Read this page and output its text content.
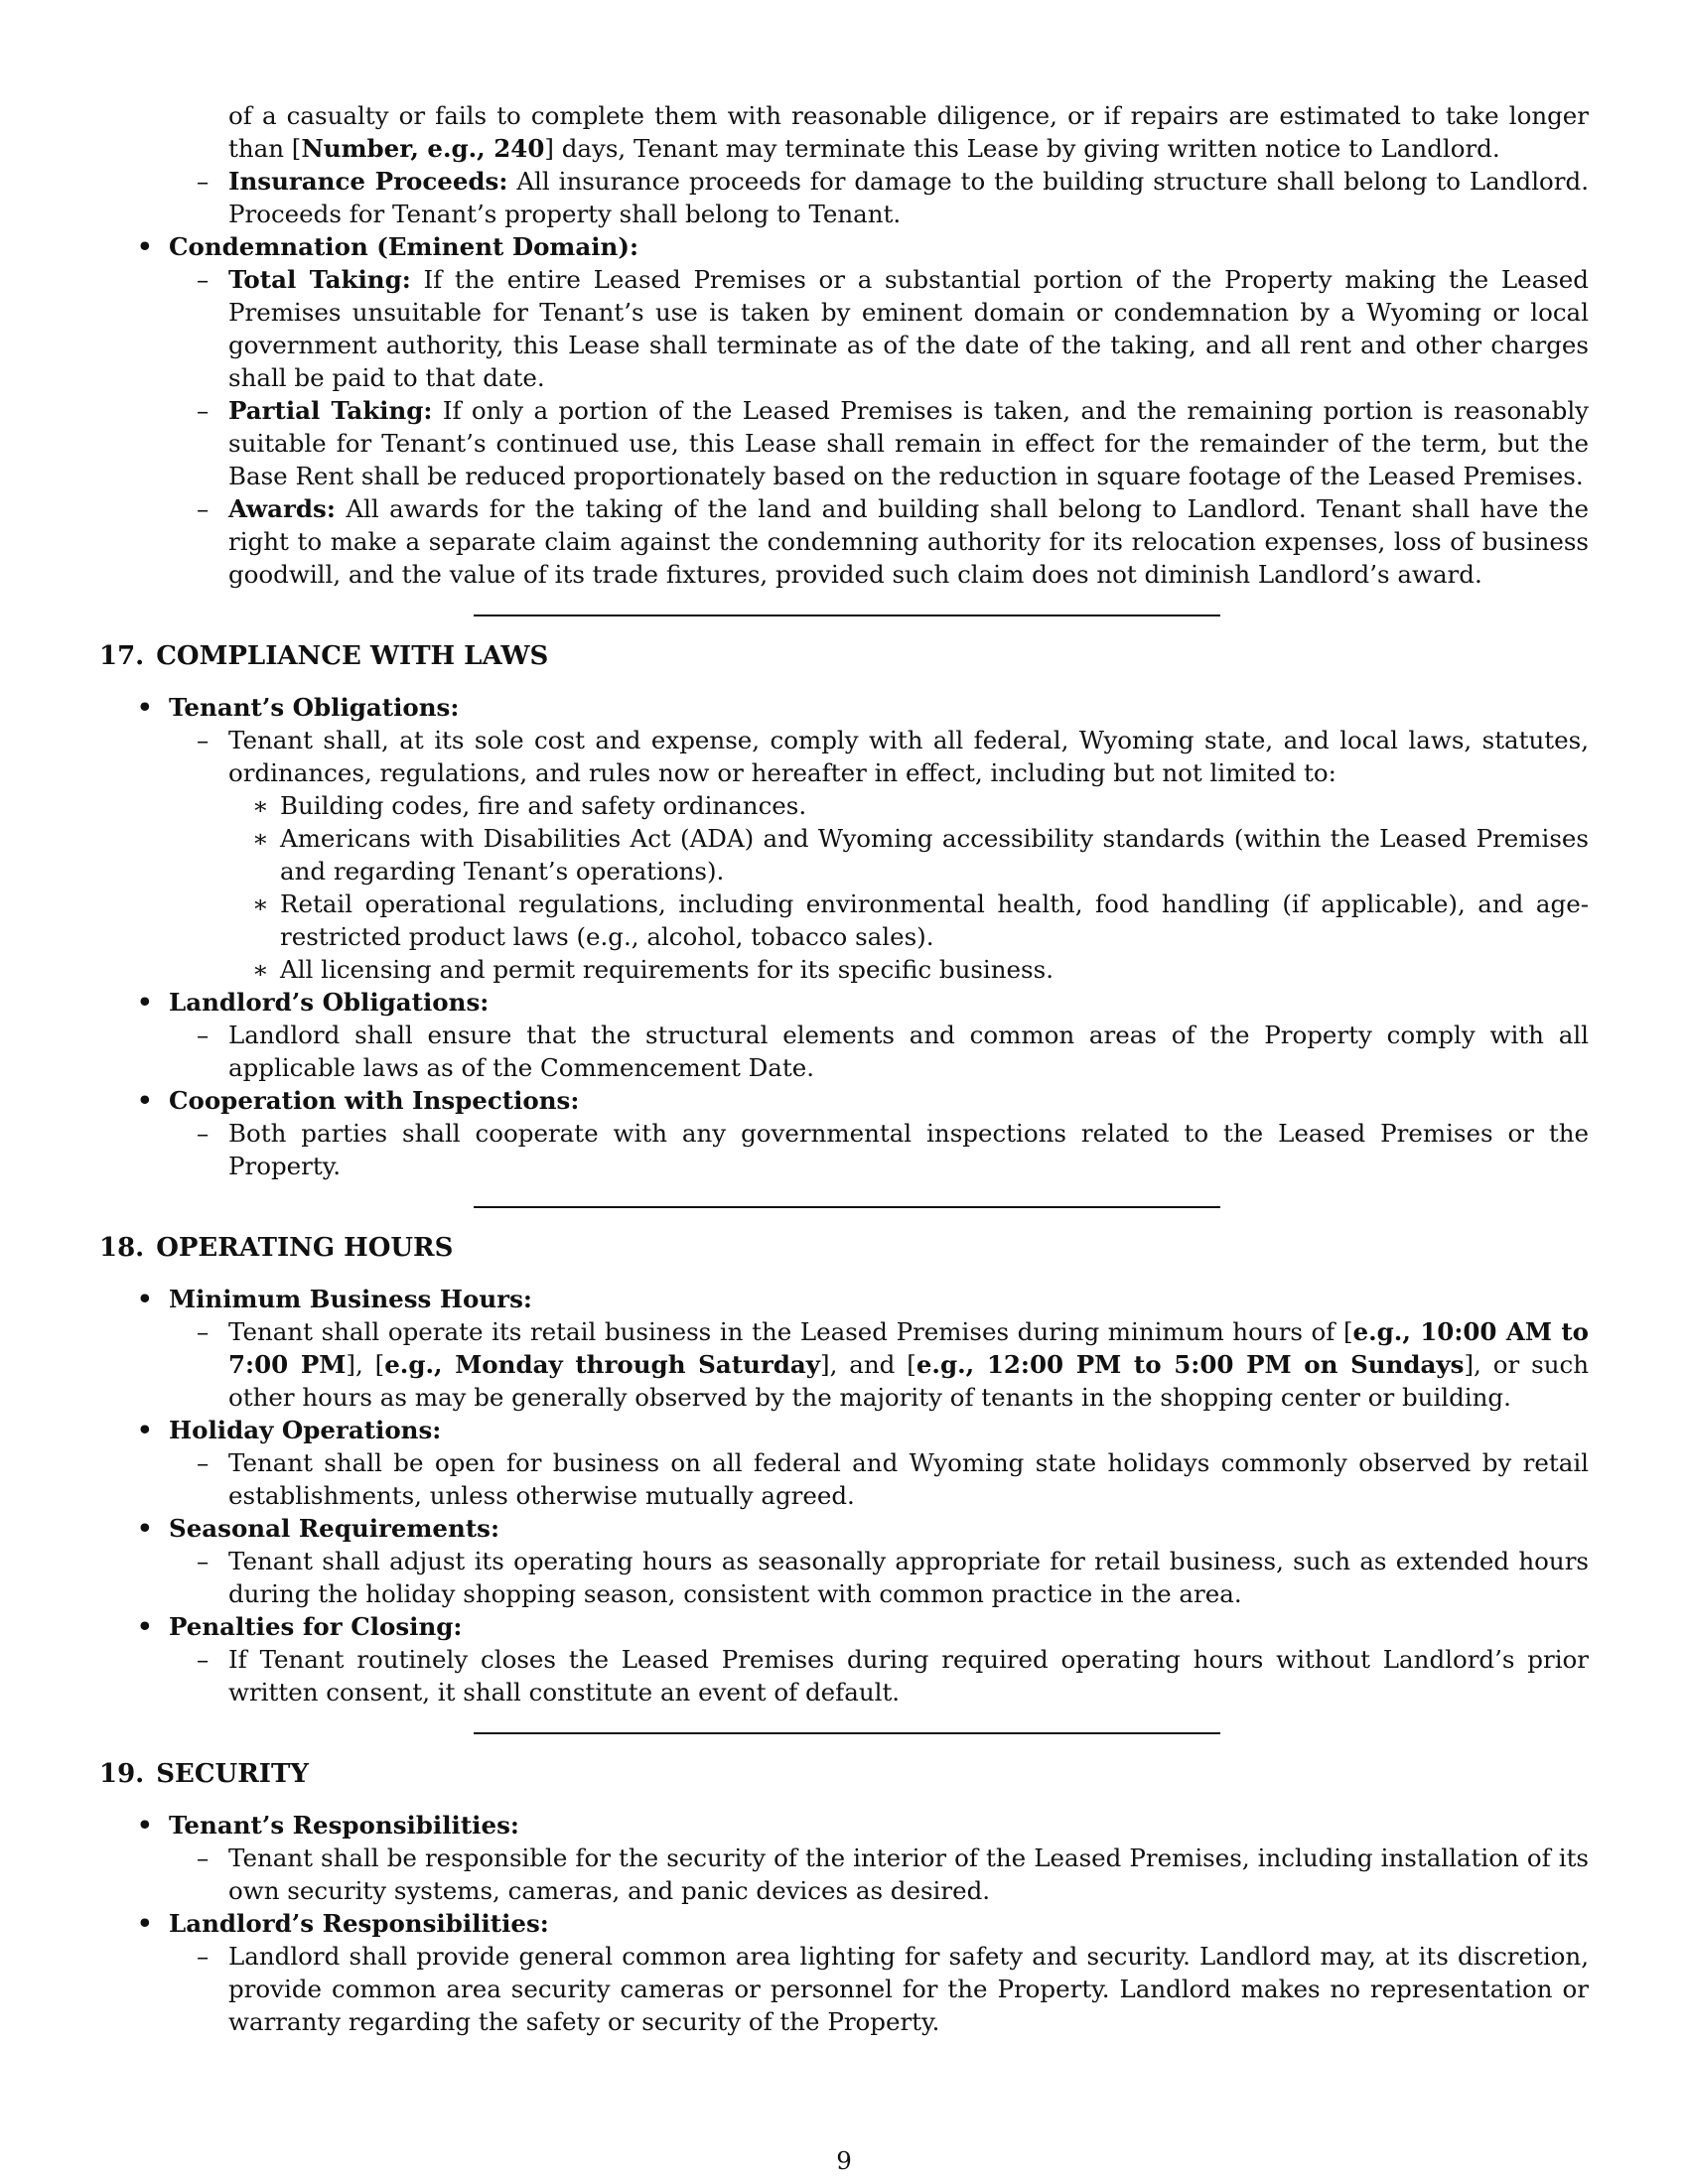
of a casualty or fails to complete them with reasonable diligence, or if repairs are estimated to take longer than [Number, e.g., 240] days, Tenant may terminate this Lease by giving written notice to Landlord.
– Insurance Proceeds: All insurance proceeds for damage to the building structure shall belong to Landlord. Proceeds for Tenant’s property shall belong to Tenant.
• Condemnation (Eminent Domain):
– Total Taking: If the entire Leased Premises or a substantial portion of the Property making the Leased Premises unsuitable for Tenant’s use is taken by eminent domain or condemnation by a Wyoming or local government authority, this Lease shall terminate as of the date of the taking, and all rent and other charges shall be paid to that date.
– Partial Taking: If only a portion of the Leased Premises is taken, and the remaining portion is reasonably suitable for Tenant’s continued use, this Lease shall remain in effect for the remainder of the term, but the Base Rent shall be reduced proportionately based on the reduction in square footage of the Leased Premises.
– Awards: All awards for the taking of the land and building shall belong to Landlord. Tenant shall have the right to make a separate claim against the condemning authority for its relocation expenses, loss of business goodwill, and the value of its trade fixtures, provided such claim does not diminish Landlord’s award.
17. COMPLIANCE WITH LAWS
• Tenant’s Obligations:
– Tenant shall, at its sole cost and expense, comply with all federal, Wyoming state, and local laws, statutes, ordinances, regulations, and rules now or hereafter in effect, including but not limited to:
∗ Building codes, fire and safety ordinances.
∗ Americans with Disabilities Act (ADA) and Wyoming accessibility standards (within the Leased Premises and regarding Tenant’s operations).
∗ Retail operational regulations, including environmental health, food handling (if applicable), and age-restricted product laws (e.g., alcohol, tobacco sales).
∗ All licensing and permit requirements for its specific business.
• Landlord’s Obligations:
– Landlord shall ensure that the structural elements and common areas of the Property comply with all applicable laws as of the Commencement Date.
• Cooperation with Inspections:
– Both parties shall cooperate with any governmental inspections related to the Leased Premises or the Property.
18. OPERATING HOURS
• Minimum Business Hours:
– Tenant shall operate its retail business in the Leased Premises during minimum hours of [e.g., 10:00 AM to 7:00 PM], [e.g., Monday through Saturday], and [e.g., 12:00 PM to 5:00 PM on Sundays], or such other hours as may be generally observed by the majority of tenants in the shopping center or building.
• Holiday Operations:
– Tenant shall be open for business on all federal and Wyoming state holidays commonly observed by retail establishments, unless otherwise mutually agreed.
• Seasonal Requirements:
– Tenant shall adjust its operating hours as seasonally appropriate for retail business, such as extended hours during the holiday shopping season, consistent with common practice in the area.
• Penalties for Closing:
– If Tenant routinely closes the Leased Premises during required operating hours without Landlord’s prior written consent, it shall constitute an event of default.
19. SECURITY
• Tenant’s Responsibilities:
– Tenant shall be responsible for the security of the interior of the Leased Premises, including installation of its own security systems, cameras, and panic devices as desired.
• Landlord’s Responsibilities:
– Landlord shall provide general common area lighting for safety and security. Landlord may, at its discretion, provide common area security cameras or personnel for the Property. Landlord makes no representation or warranty regarding the safety or security of the Property.
9
